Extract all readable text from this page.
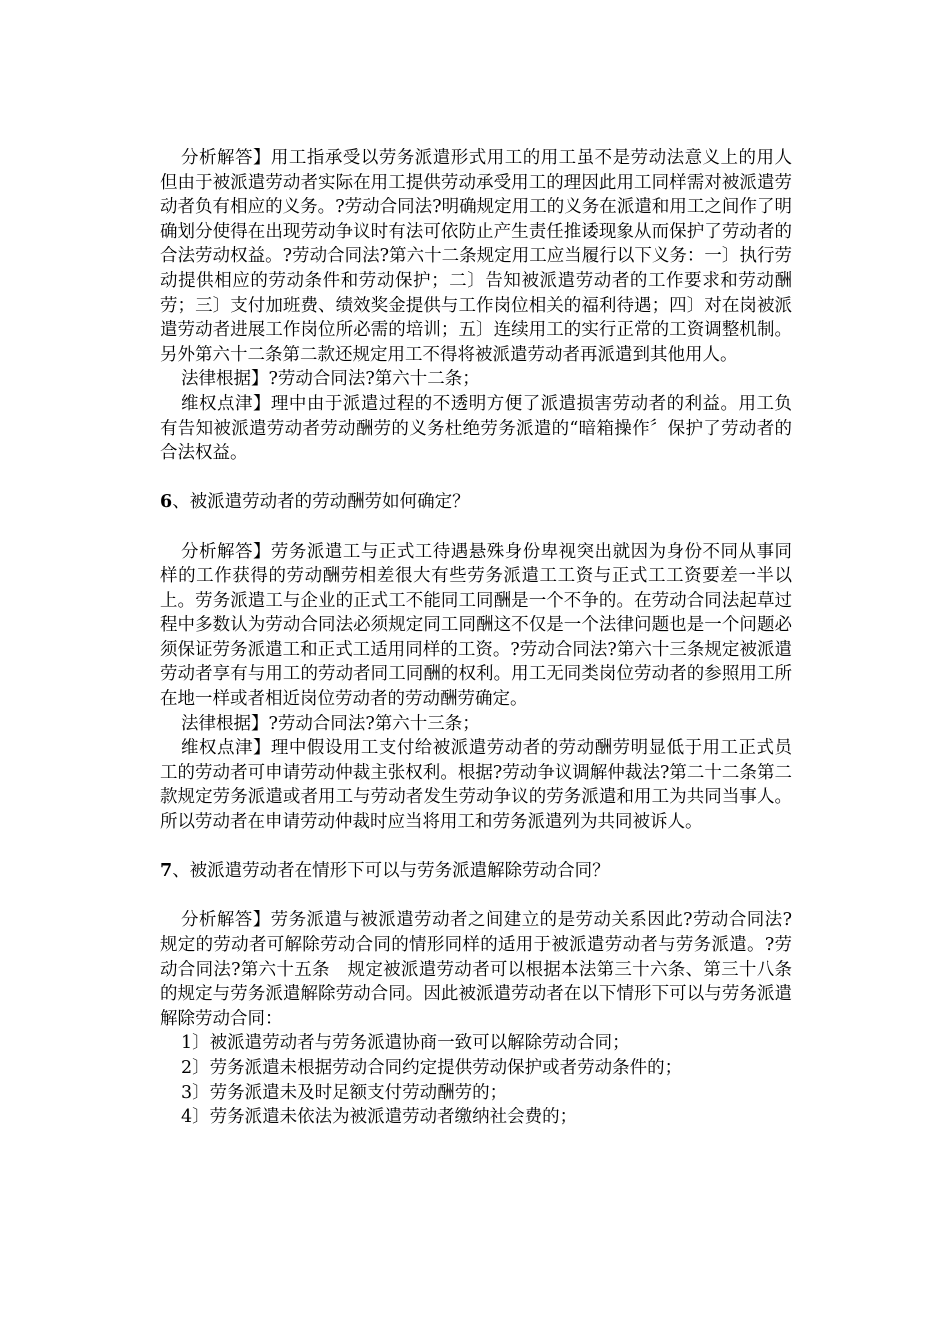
分析解答】用工指承受以劳务派遣形式用工的用工虽不是劳动法意义上的用人但由于被派遣劳动者实际在用工提供劳动承受用工的理因此用工同样需对被派遣劳动者负有相应的义务。?劳动合同法?明确规定用工的义务在派遣和用工之间作了明确划分使得在出现劳动争议时有法可依防止产生责任推诿现象从而保护了劳动者的合法劳动权益。?劳动合同法?第六十二条规定用工应当履行以下义务：一〕执行劳动提供相应的劳动条件和劳动保护；二〕告知被派遣劳动者的工作要求和劳动酬劳；三〕支付加班费、绩效奖金提供与工作岗位相关的福利待遇；四〕对在岗被派遣劳动者进展工作岗位所必需的培训；五〕连续用工的实行正常的工资调整机制。另外第六十二条第二款还规定用工不得将被派遣劳动者再派遣到其他用人。

法律根据】?劳动合同法?第六十二条；

维权点津】理中由于派遣过程的不透明方便了派遣损害劳动者的利益。用工负有告知被派遣劳动者劳动酬劳的义务杜绝劳务派遣的“暗箱操作〞保护了劳动者的合法权益。

6、被派遣劳动者的劳动酬劳如何确定？

分析解答】劳务派遣工与正式工待遇悬殊身份卑视突出就因为身份不同从事同样的工作获得的劳动酬劳相差很大有些劳务派遣工工资与正式工工资要差一半以上。劳务派遣工与企业的正式工不能同工同酬是一个不争的。在劳动合同法起草过程中多数认为劳动合同法必须规定同工同酬这不仅是一个法律问题也是一个问题必须保证劳务派遣工和正式工适用同样的工资。?劳动合同法?第六十三条规定被派遣劳动者享有与用工的劳动者同工同酬的权利。用工无同类岗位劳动者的参照用工所在地一样或者相近岗位劳动者的劳动酬劳确定。

法律根据】?劳动合同法?第六十三条；

维权点津】理中假设用工支付给被派遣劳动者的劳动酬劳明显低于用工正式员工的劳动者可申请劳动仲裁主张权利。根据?劳动争议调解仲裁法?第二十二条第二款规定劳务派遣或者用工与劳动者发生劳动争议的劳务派遣和用工为共同当事人。所以劳动者在申请劳动仲裁时应当将用工和劳务派遣列为共同被诉人。

7、被派遣劳动者在情形下可以与劳务派遣解除劳动合同？

分析解答】劳务派遣与被派遣劳动者之间建立的是劳动关系因此?劳动合同法?规定的劳动者可解除劳动合同的情形同样的适用于被派遣劳动者与劳务派遣。?劳动合同法?第六十五条　规定被派遣劳动者可以根据本法第三十六条、第三十八条的规定与劳务派遣解除劳动合同。因此被派遣劳动者在以下情形下可以与劳务派遣解除劳动合同：

1〕被派遣劳动者与劳务派遣协商一致可以解除劳动合同；

2〕劳务派遣未根据劳动合同约定提供劳动保护或者劳动条件的；

3〕劳务派遣未及时足额支付劳动酬劳的；

4〕劳务派遣未依法为被派遣劳动者缴纳社会费的；
